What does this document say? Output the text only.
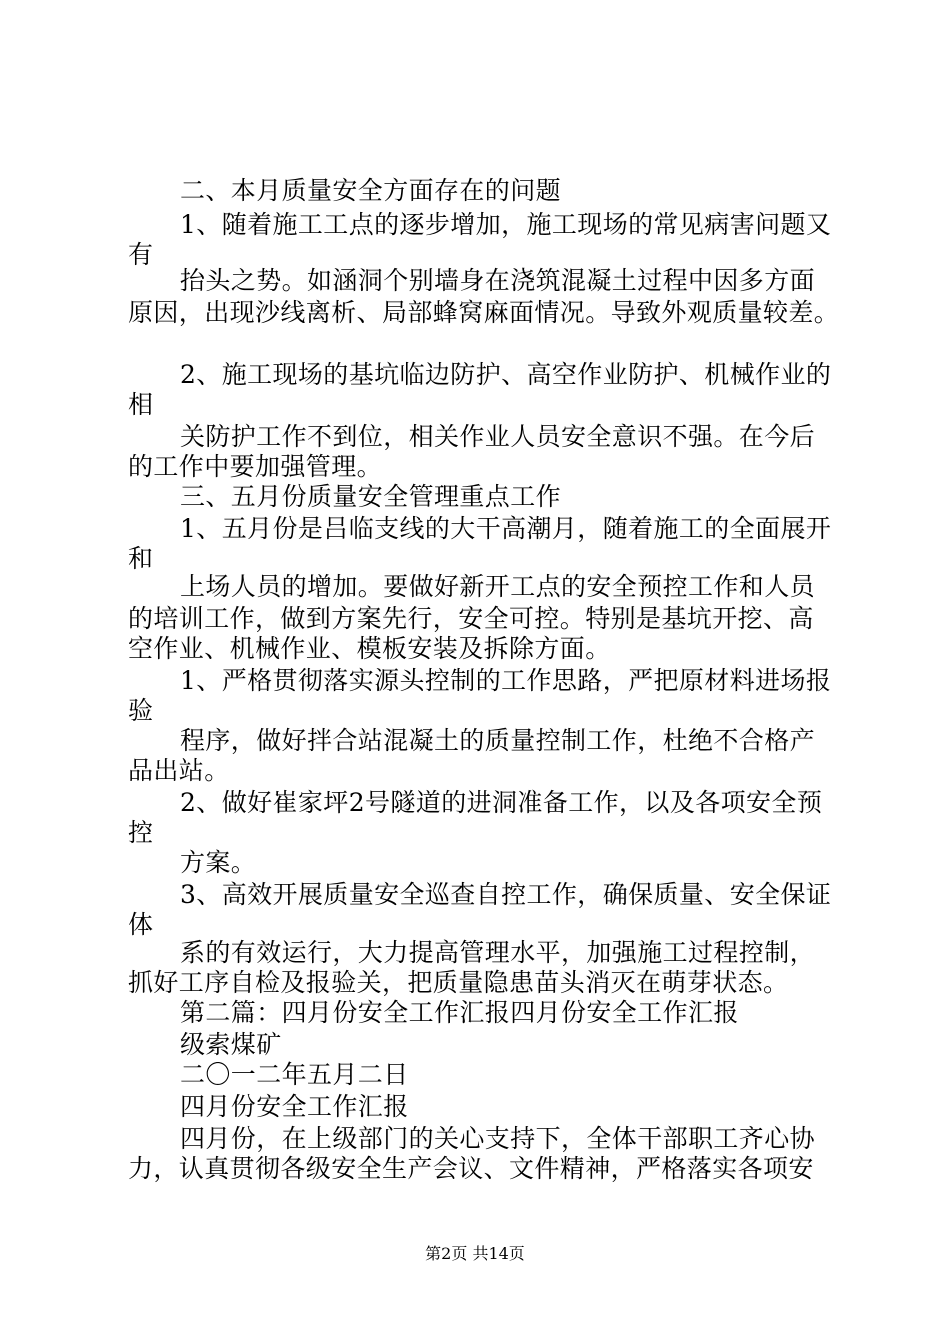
二、本月质量安全方面存在的问题
1、随着施工工点的逐步增加，施工现场的常见病害问题又
有
抬头之势。如涵洞个别墙身在浇筑混凝土过程中因多方面
原因，出现沙线离析、局部蜂窝麻面情况。导致外观质量较差。
2、施工现场的基坑临边防护、高空作业防护、机械作业的
相
关防护工作不到位，相关作业人员安全意识不强。在今后
的工作中要加强管理。
三、五月份质量安全管理重点工作
1、五月份是吕临支线的大干高潮月，随着施工的全面展开
和
上场人员的增加。要做好新开工点的安全预控工作和人员
的培训工作，做到方案先行，安全可控。特别是基坑开挖、高
空作业、机械作业、模板安装及拆除方面。
1、严格贯彻落实源头控制的工作思路，严把原材料进场报
验
程序，做好拌合站混凝土的质量控制工作，杜绝不合格产
品出站。
2、做好崔家坪2号隧道的进洞准备工作，以及各项安全预
控
方案。
3、高效开展质量安全巡查自控工作，确保质量、安全保证
体
系的有效运行，大力提高管理水平，加强施工过程控制，
抓好工序自检及报验关，把质量隐患苗头消灭在萌芽状态。
第二篇：四月份安全工作汇报四月份安全工作汇报
级索煤矿
二〇一二年五月二日
四月份安全工作汇报
四月份，在上级部门的关心支持下，全体干部职工齐心协
力，认真贯彻各级安全生产会议、文件精神，严格落实各项安
第2页 共14页
